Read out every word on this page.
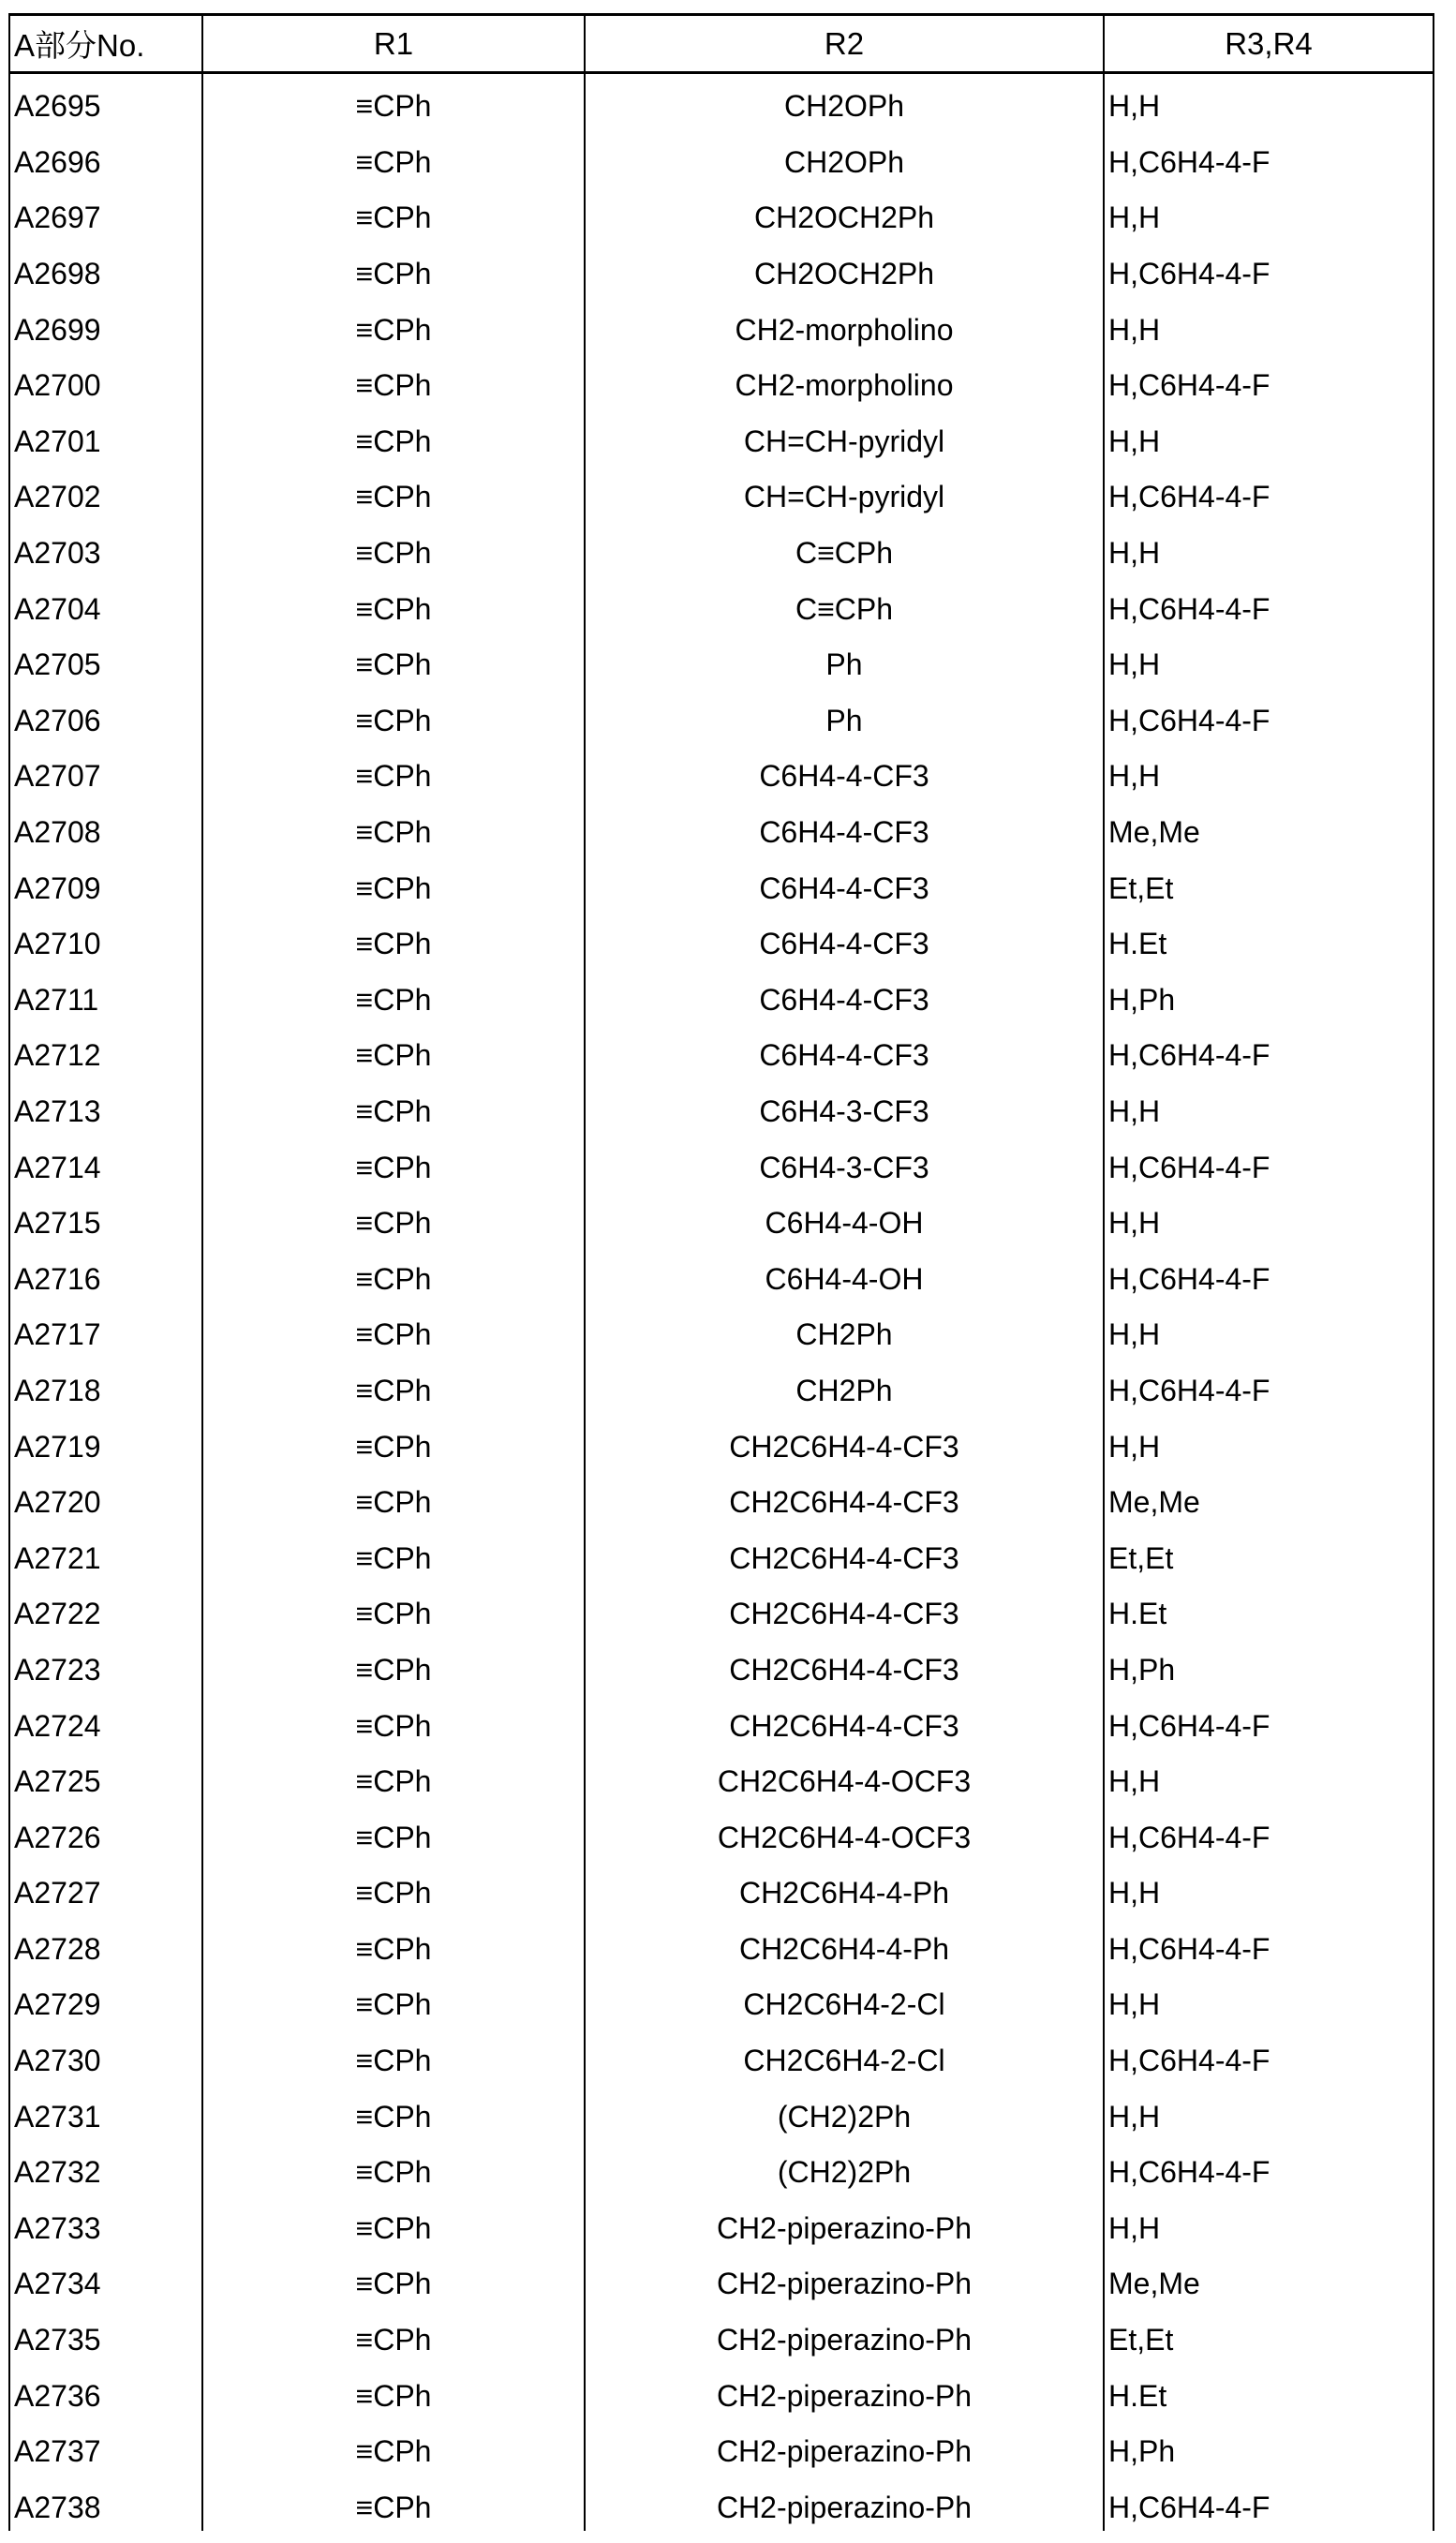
A部分No.	R1	R2	R3,R4
A2695	≡CPh	CH2OPh	H,H
A2696	≡CPh	CH2OPh	H,C6H4-4-F
A2697	≡CPh	CH2OCH2Ph	H,H
A2698	≡CPh	CH2OCH2Ph	H,C6H4-4-F
A2699	≡CPh	CH2-morpholino	H,H
A2700	≡CPh	CH2-morpholino	H,C6H4-4-F
A2701	≡CPh	CH=CH-pyridyl	H,H
A2702	≡CPh	CH=CH-pyridyl	H,C6H4-4-F
A2703	≡CPh	C≡CPh	H,H
A2704	≡CPh	C≡CPh	H,C6H4-4-F
A2705	≡CPh	Ph	H,H
A2706	≡CPh	Ph	H,C6H4-4-F
A2707	≡CPh	C6H4-4-CF3	H,H
A2708	≡CPh	C6H4-4-CF3	Me,Me
A2709	≡CPh	C6H4-4-CF3	Et,Et
A2710	≡CPh	C6H4-4-CF3	H.Et
A2711	≡CPh	C6H4-4-CF3	H,Ph
A2712	≡CPh	C6H4-4-CF3	H,C6H4-4-F
A2713	≡CPh	C6H4-3-CF3	H,H
A2714	≡CPh	C6H4-3-CF3	H,C6H4-4-F
A2715	≡CPh	C6H4-4-OH	H,H
A2716	≡CPh	C6H4-4-OH	H,C6H4-4-F
A2717	≡CPh	CH2Ph	H,H
A2718	≡CPh	CH2Ph	H,C6H4-4-F
A2719	≡CPh	CH2C6H4-4-CF3	H,H
A2720	≡CPh	CH2C6H4-4-CF3	Me,Me
A2721	≡CPh	CH2C6H4-4-CF3	Et,Et
A2722	≡CPh	CH2C6H4-4-CF3	H.Et
A2723	≡CPh	CH2C6H4-4-CF3	H,Ph
A2724	≡CPh	CH2C6H4-4-CF3	H,C6H4-4-F
A2725	≡CPh	CH2C6H4-4-OCF3	H,H
A2726	≡CPh	CH2C6H4-4-OCF3	H,C6H4-4-F
A2727	≡CPh	CH2C6H4-4-Ph	H,H
A2728	≡CPh	CH2C6H4-4-Ph	H,C6H4-4-F
A2729	≡CPh	CH2C6H4-2-Cl	H,H
A2730	≡CPh	CH2C6H4-2-Cl	H,C6H4-4-F
A2731	≡CPh	(CH2)2Ph	H,H
A2732	≡CPh	(CH2)2Ph	H,C6H4-4-F
A2733	≡CPh	CH2-piperazino-Ph	H,H
A2734	≡CPh	CH2-piperazino-Ph	Me,Me
A2735	≡CPh	CH2-piperazino-Ph	Et,Et
A2736	≡CPh	CH2-piperazino-Ph	H.Et
A2737	≡CPh	CH2-piperazino-Ph	H,Ph
A2738	≡CPh	CH2-piperazino-Ph	H,C6H4-4-F
